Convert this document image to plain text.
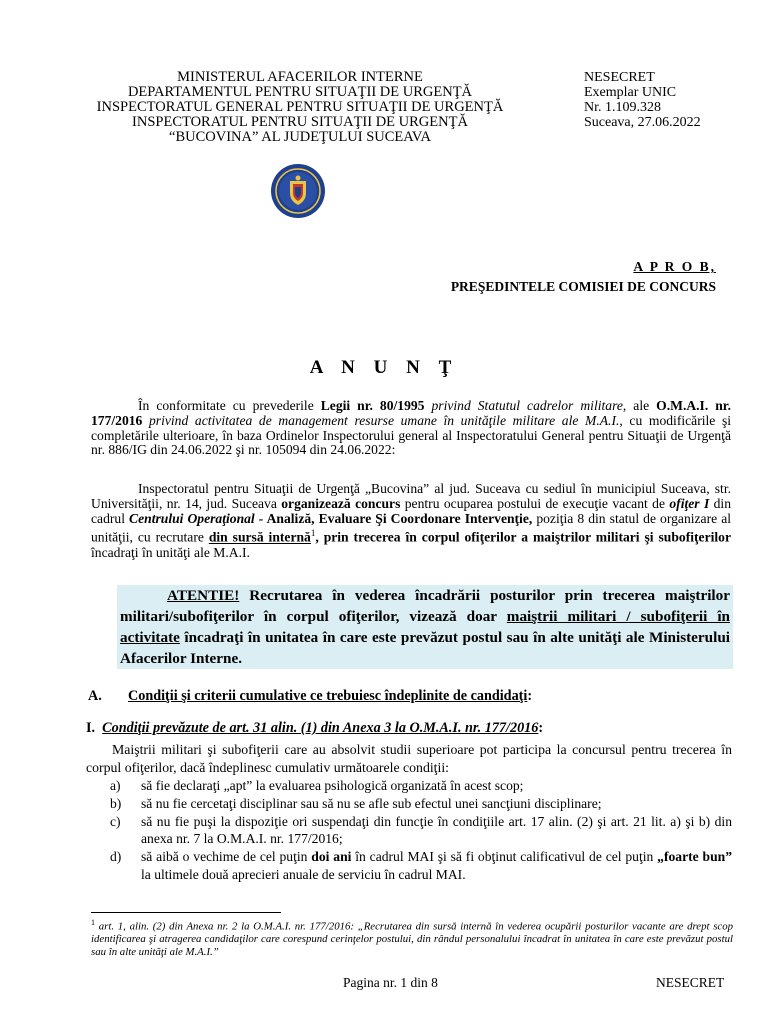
MINISTERUL AFACERILOR INTERNE
DEPARTAMENTUL PENTRU SITUAŢII DE URGENŢĂ
INSPECTORATUL GENERAL PENTRU SITUAŢII DE URGENŢĂ
INSPECTORATUL PENTRU SITUAŢII DE URGENŢĂ
“BUCOVINA” AL JUDEŢULUI SUCEAVA
NESECRET
Exemplar UNIC
Nr. 1.109.328
Suceava, 27.06.2022
A P R O B,
PREŞEDINTELE COMISIEI DE CONCURS
A N U N Ţ
În conformitate cu prevederile Legii nr. 80/1995 privind Statutul cadrelor militare, ale O.M.A.I. nr. 177/2016 privind activitatea de management resurse umane în unităţile militare ale M.A.I., cu modificările şi completările ulterioare, în baza Ordinelor Inspectorului general al Inspectoratului General pentru Situaţii de Urgenţă nr. 886/IG din 24.06.2022 şi nr. 105094 din 24.06.2022:
Inspectoratul pentru Situaţii de Urgenţă „Bucovina” al jud. Suceava cu sediul în municipiul Suceava, str. Universităţii, nr. 14, jud. Suceava organizează concurs pentru ocuparea postului de execuţie vacant de ofiţer I din cadrul Centrului Operaţional - Analiză, Evaluare Şi Coordonare Intervenţie, poziţia 8 din statul de organizare al unităţii, cu recrutare din sursă internă$^1$, prin trecerea în corpul ofiţerilor a maiştrilor militari şi subofiţerilor încadraţi în unităţi ale M.A.I.
ATENTIE! Recrutarea în vederea încadrării posturilor prin trecerea maiştrilor militari/subofiţerilor în corpul ofiţerilor, vizează doar maiştrii militari / subofiţerii în activitate încadraţi în unitatea în care este prevăzut postul sau în alte unităţi ale Ministerului Afacerilor Interne.
A. Condiţii şi criterii cumulative ce trebuiesc îndeplinite de candidaţi:
I. Condiţii prevăzute de art. 31 alin. (1) din Anexa 3 la O.M.A.I. nr. 177/2016:
Maiştrii militari şi subofiţerii care au absolvit studii superioare pot participa la concursul pentru trecerea în corpul ofiţerilor, dacă îndeplinesc cumulativ următoarele condiţii:
a)	să fie declaraţi „apt” la evaluarea psihologică organizată în acest scop;
b)	să nu fie cercetaţi disciplinar sau să nu se afle sub efectul unei sancţiuni disciplinare;
c)	să nu fie puşi la dispoziţie ori suspendaţi din funcţie în condiţiile art. 17 alin. (2) şi art. 21 lit. a) şi b) din anexa nr. 7 la O.M.A.I. nr. 177/2016;
d)	să aibă o vechime de cel puţin doi ani în cadrul MAI şi să fi obţinut calificativul de cel puţin „foarte bun” la ultimele două aprecieri anuale de serviciu în cadrul MAI.
$^1$ art. 1, alin. (2) din Anexa nr. 2 la O.M.A.I. nr. 177/2016: „Recrutarea din sursă internă în vederea ocupării posturilor vacante are drept scop identificarea şi atragerea candidaţilor care corespund cerinţelor postului, din rândul personalului încadrat în unitatea în care este prevăzut postul sau în alte unităţi ale M.A.I.”
Pagina nr. 1 din 8	NESECRET
